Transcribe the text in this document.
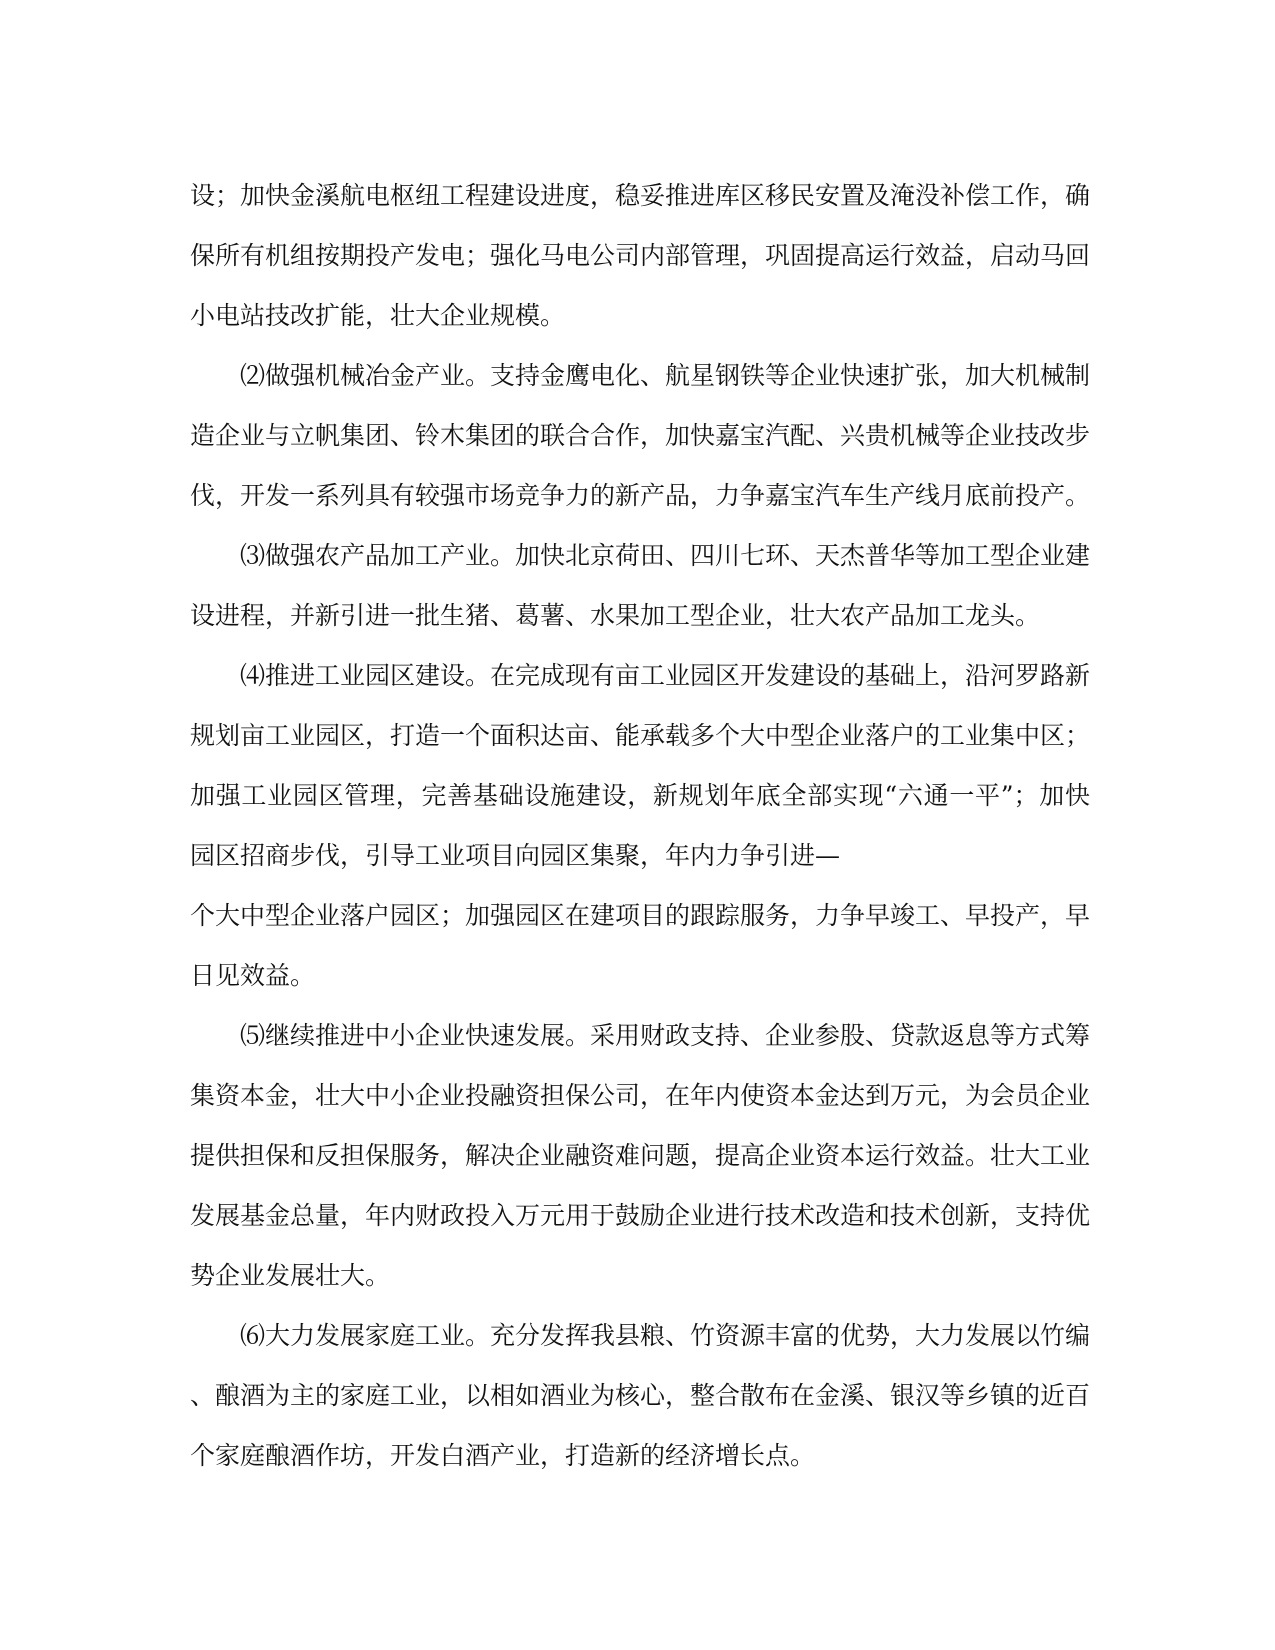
设；加快金溪航电枢纽工程建设进度，稳妥推进库区移民安置及淹没补偿工作，确
保所有机组按期投产发电；强化马电公司内部管理，巩固提高运行效益，启动马回
小电站技改扩能，壮大企业规模。
⑵做强机械冶金产业。支持金鹰电化、航星钢铁等企业快速扩张，加大机械制
造企业与立帆集团、铃木集团的联合合作，加快嘉宝汽配、兴贵机械等企业技改步
伐，开发一系列具有较强市场竞争力的新产品，力争嘉宝汽车生产线月底前投产。
⑶做强农产品加工产业。加快北京荷田、四川七环、天杰普华等加工型企业建
设进程，并新引进一批生猪、葛薯、水果加工型企业，壮大农产品加工龙头。
⑷推进工业园区建设。在完成现有亩工业园区开发建设的基础上，沿河罗路新
规划亩工业园区，打造一个面积达亩、能承载多个大中型企业落户的工业集中区；
加强工业园区管理，完善基础设施建设，新规划年底全部实现“六通一平”；加快
园区招商步伐，引导工业项目向园区集聚，年内力争引进—
个大中型企业落户园区；加强园区在建项目的跟踪服务，力争早竣工、早投产，早
日见效益。
⑸继续推进中小企业快速发展。采用财政支持、企业参股、贷款返息等方式筹
集资本金，壮大中小企业投融资担保公司，在年内使资本金达到万元，为会员企业
提供担保和反担保服务，解决企业融资难问题，提高企业资本运行效益。壮大工业
发展基金总量，年内财政投入万元用于鼓励企业进行技术改造和技术创新，支持优
势企业发展壮大。
⑹大力发展家庭工业。充分发挥我县粮、竹资源丰富的优势，大力发展以竹编
、酿酒为主的家庭工业，以相如酒业为核心，整合散布在金溪、银汉等乡镇的近百
个家庭酿酒作坊，开发白酒产业，打造新的经济增长点。
